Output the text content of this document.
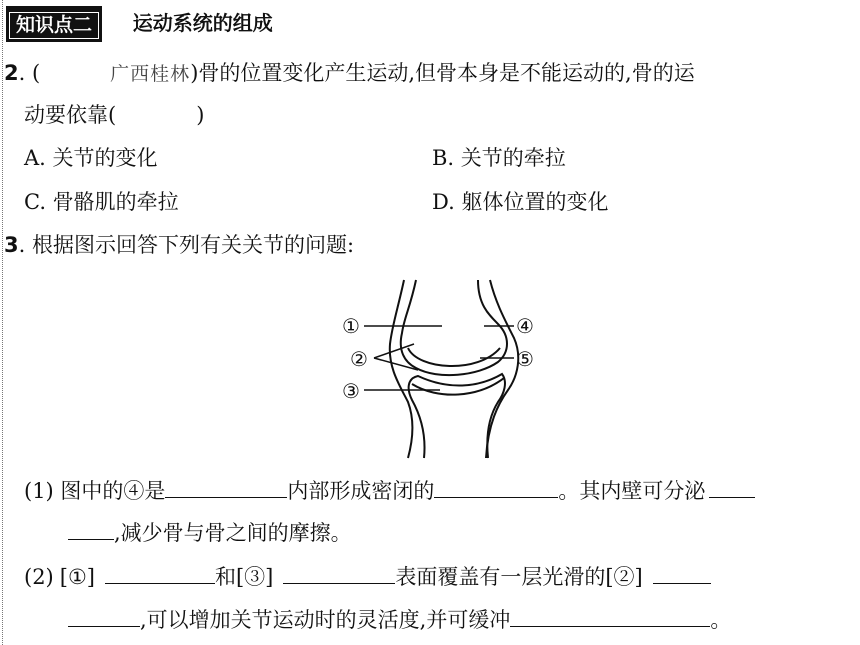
知识点二 运动系统的组成
2. (	广西桂林)骨的位置变化产生运动,但骨本身是不能运动的,骨的运
动要依靠(	)
A. 关节的变化	B. 关节的牵拉
C. 骨骼肌的牵拉	D. 躯体位置的变化
3. 根据图示回答下列有关关节的问题:
①
②
③
④
⑤
(1) 图中的④是	内部形成密闭的	。其内壁可分泌
,减少骨与骨之间的摩擦。
(2) [①]	和[③]	表面覆盖有一层光滑的[②]
,可以增加关节运动时的灵活度,并可缓冲	。
